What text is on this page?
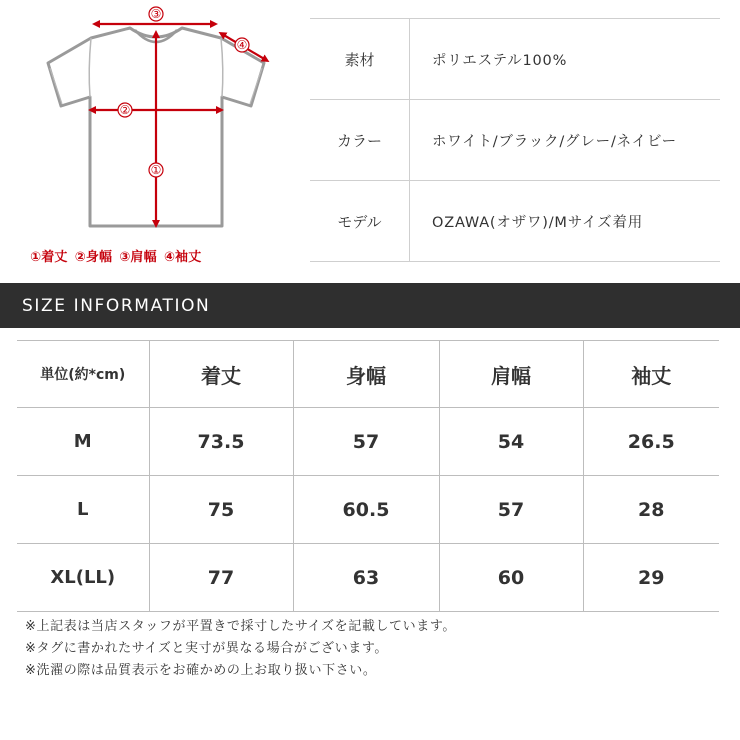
③
④
②
①
①着丈 ②身幅 ③肩幅 ④袖丈
素材	ポリエステル100%
カラー	ホワイト/ブラック/グレー/ネイビー
モデル	OZAWA(オザワ)/Mサイズ着用
SIZE INFORMATION
単位(約*cm)	着丈	身幅	肩幅	袖丈
M	73.5	57	54	26.5
L	75	60.5	57	28
XL(LL)	77	63	60	29
※上記表は当店スタッフが平置きで採寸したサイズを記載しています。
※タグに書かれたサイズと実寸が異なる場合がございます。
※洗濯の際は品質表示をお確かめの上お取り扱い下さい。
